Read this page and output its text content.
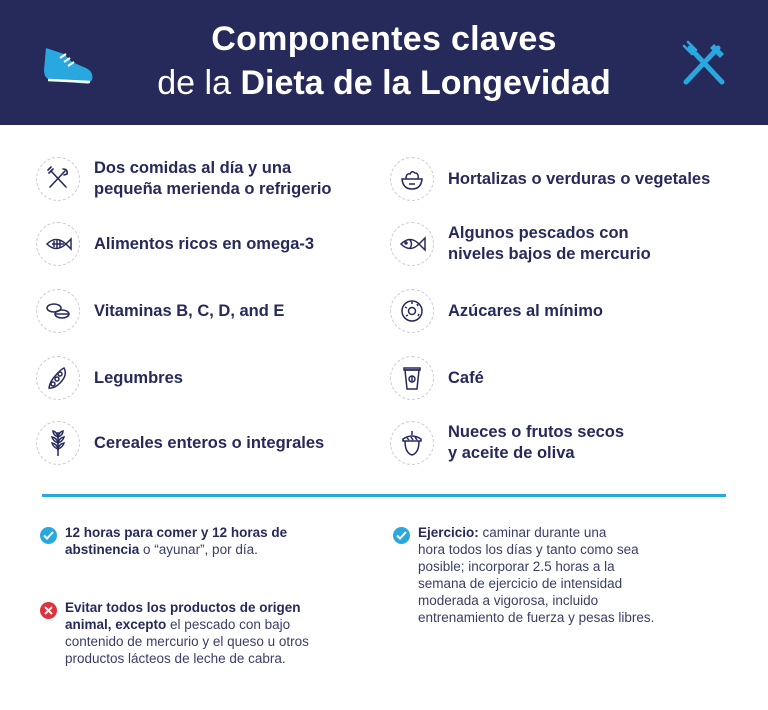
Componentes claves
de la Dieta de la Longevidad
Dos comidas al día y una
pequeña merienda o refrigerio
Alimentos ricos en omega-3
Vitaminas B, C, D, and E
Legumbres
Cereales enteros o integrales
Hortalizas o verduras o vegetales
Algunos pescados con
niveles bajos de mercurio
Azúcares al mínimo
Café
Nueces o frutos secos
y aceite de oliva
12 horas para comer y 12 horas de
abstinencia o “ayunar”, por día.
Evitar todos los productos de origen
animal, excepto el pescado con bajo
contenido de mercurio y el queso u otros
productos lácteos de leche de cabra.
Ejercicio: caminar durante una
hora todos los días y tanto como sea
posible; incorporar 2.5 horas a la
semana de ejercicio de intensidad
moderada a vigorosa, incluido
entrenamiento de fuerza y pesas libres.
